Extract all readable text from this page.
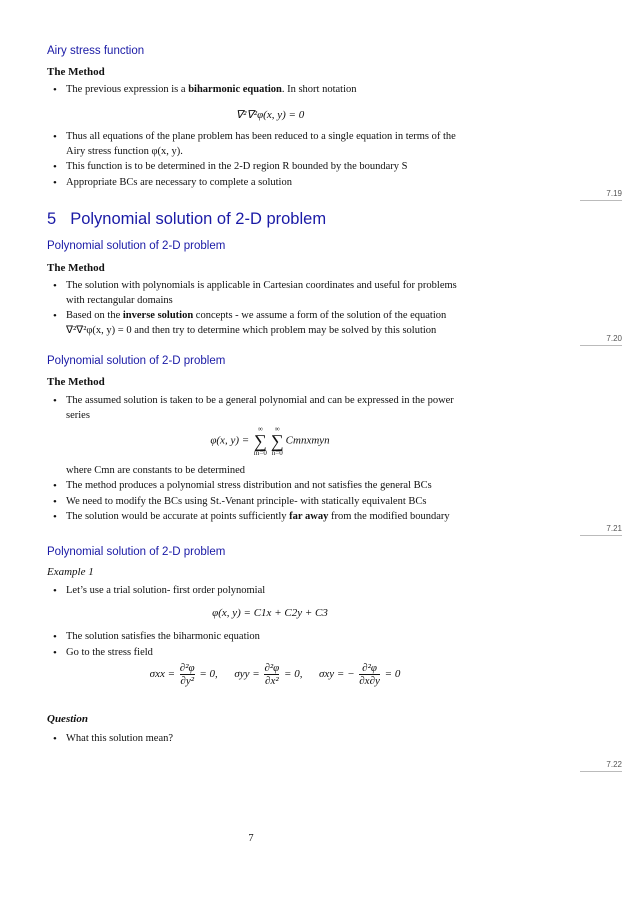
Airy stress function
The Method
• The previous expression is a biharmonic equation. In short notation
∇²∇²φ(x, y) = 0
• Thus all equations of the plane problem has been reduced to a single equation in terms of the Airy stress function φ(x, y).
• This function is to be determined in the 2-D region R bounded by the boundary S
• Appropriate BCs are necessary to complete a solution
7.19
5 Polynomial solution of 2-D problem
Polynomial solution of 2-D problem
The Method
• The solution with polynomials is applicable in Cartesian coordinates and useful for problems with rectangular domains
• Based on the inverse solution concepts - we assume a form of the solution of the equation ∇²∇²φ(x, y) = 0 and then try to determine which problem may be solved by this solution
7.20
Polynomial solution of 2-D problem
The Method
• The assumed solution is taken to be a general polynomial and can be expressed in the power series
φ(x, y) =
∞
∑
m=0
∞
∑
n=0
Cmnxmyn
where Cmn are constants to be determined
• The method produces a polynomial stress distribution and not satisfies the general BCs
• We need to modify the BCs using St.-Venant principle- with statically equivalent BCs
• The solution would be accurate at points sufficiently far away from the modified boundary
7.21
Polynomial solution of 2-D problem
Example 1
• Let’s use a trial solution- first order polynomial
φ(x, y) = C1x + C2y + C3
• The solution satisfies the biharmonic equation
• Go to the stress field
$\sigma xx = \frac{\text{∂²φ}}{\text{∂y²}} = 0$, $\sigma yy = \frac{\text{∂²φ}}{\text{∂x²}} = 0$, σxy = − $\frac{\text{∂²φ}}{\partial x\partial y} = 0$
Question
• What this solution mean?
7.22
7
